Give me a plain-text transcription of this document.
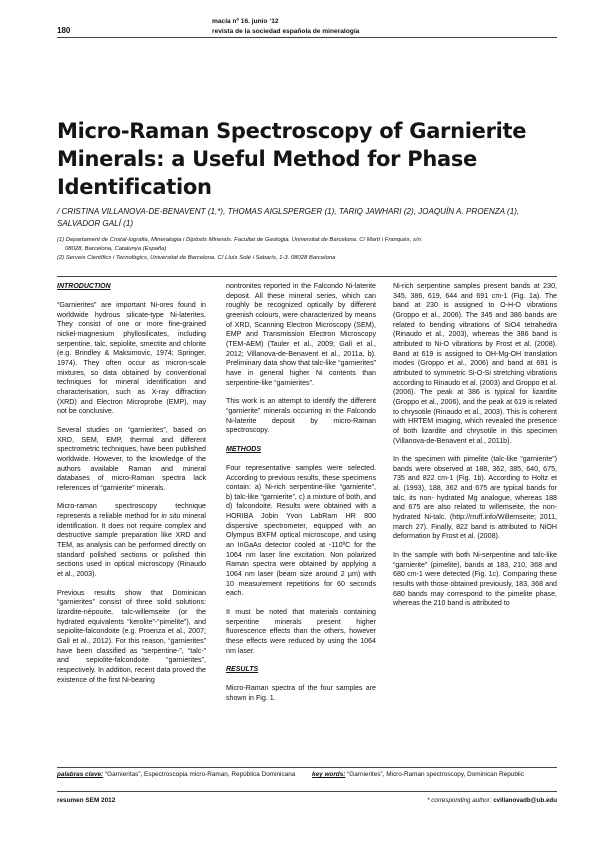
180
macla nº 16. junio ‘12
revista de la sociedad española de mineralogía
Micro-Raman Spectroscopy of Garnierite Minerals: a Useful Method for Phase Identification
/ CRISTINA VILLANOVA-DE-BENAVENT (1,*), THOMAS AIGLSPERGER (1), TARIQ JAWHARI (2), JOAQUÍN A. PROENZA (1), SALVADOR GALÍ (1)
(1) Departament de Cristal·lografia, Mineralogia i Dipòsits Minerals. Facultat de Geologia. Universitat de Barcelona. C/ Martí i Franquès, s/n.
08028, Barcelona, Catalunya (España)
(2) Serveis Científics i Tecnològics, Universitat de Barcelona. C/ Lluís Solé i Sabarís, 1-3. 08028 Barcelona
INTRODUCTION

“Garnierites” are important Ni-ores found in worldwide hydrous silicate-type Ni-laterites. They consist of one or more fine-grained nickel-magnesium phyllosilicates, including serpentine, talc, sepiolite, smectite and chlorite (e.g. Brindley & Maksimovic, 1974; Springer, 1974). They often occur as micron-scale mixtures, so data obtained by conventional techniques for mineral identification and characterisation, such as X-ray diffraction (XRD) and Electron Microprobe (EMP), may not be conclusive.

Several studies on “garnierites”, based on XRD, SEM, EMP, thermal and different spectrometric techniques, have been published worldwide. However, to the knowledge of the authors available Raman and mineral databases of micro-Raman spectra lack references of “garnierite” minerals.

Micro-raman spectroscopy technique represents a reliable method for in situ mineral identification. It does not require complex and destructive sample preparation like XRD and TEM, as analysis can be performed directly on standard polished sections or polished thin sections used in optical microscopy (Rinaudo et al., 2003).

Previous results show that Dominican “garnierites” consist of three solid solutions: lizardite-népouite, talc-willemseite (or the hydrated equivalents “kerolite”-“pimelite”), and sepiolite-falcondoite (e.g. Proenza et al., 2007; Galí et al., 2012). For this reason, “garnierites” have been classified as “serpentine-”, “talc-” and sepiolite-falcondoite “garnierites”, respectively. In addition, recent data proved the existence of the first Ni-bearing

nontronites reported in the Falcondo Ni-laterite deposit. All these mineral series, which can roughly be recognized optically by different greenish colours, were characterized by means of XRD, Scanning Electron Microscopy (SEM), EMP and Transmission Electron Microscopy (TEM-AEM) (Tauler et al., 2009; Galí et al., 2012; Villanova-de-Benavent et al., 2011a, b). Preliminary data show that talc-like “garnierites” have in general higher Ni contents than serpentine-like “garnierites”.

This work is an attempt to identify the different “garnierite” minerals occurring in the Falcondo Ni-laterite deposit by micro-Raman spectroscopy.

METHODS

Four representative samples were selected. According to previous results, these specimens contain: a) Ni-rich serpentine-like “garnierite”, b) talc-like “garnierite”, c) a mixture of both, and d) falcondoite. Results were obtained with a HORIBA Jobin Yvon LabRam HR 800 dispersive spectrometer, equipped with an Olympus BXFM optical microscope, and using an InGaAs detector cooled at -110ºC for the 1064 nm laser line excitation. Non polarized Raman spectra were obtained by applying a 1064 nm laser (beam size around 2 µm) with 10 measurement repetitions for 60 seconds each.

It must be noted that materials containing serpentine minerals present higher fluorescence effects than the others, however these effects were reduced by using the 1064 nm laser.

RESULTS

Micro-Raman spectra of the four samples are shown in Fig. 1.

Ni-rich serpentine samples present bands at 230, 345, 386, 619, 644 and 691 cm-1 (Fig. 1a). The band at 230 is assigned to O-H-O vibrations (Groppo et al., 2006). The 345 and 386 bands are related to bending vibrations of SiO4 tetrahedra (Rinaudo et al., 2003), whereas the 386 band is attributed to Ni-O vibrations by Frost et al. (2008). Band at 619 is assigned to OH-Mg-OH translation modes (Groppo et al., 2006) and band at 691 is attributed to symmetric Si-O-Si stretching vibrations according to Rinaudo et al. (2003) and Groppo et al. (2006). The peak at 386 is typical for lizardite (Groppo et al., 2006), and the peak at 619 is related to chrysotile (Rinaudo et al., 2003). This is coherent with HRTEM imaging, which revealed the presence of both lizardite and chrysotile in this specimen (Villanova-de-Benavent et al., 2011b).

In the specimen with pimelite (talc-like “garnierite”) bands were observed at 188, 362, 385, 640, 675, 735 and 822 cm-1 (Fig. 1b). According to Holtz et al. (1993), 188, 362 and 675 are typical bands for talc, its non- hydrated Mg analogue, whereas 188 and 675 are also related to willemseite, the non-hydrated Ni-talc. (http://rruff.info/Willemseite; 2011, march 27). Finally, 822 band is attributed to NiOH deformation by Frost et al. (2008).

In the sample with both Ni-serpentine and talc-like “garnierite” (pimelite), bands at 183, 210, 368 and 680 cm-1 were detected (Fig. 1c). Comparing these results with those obtained previously, 183, 368 and 680 bands may correspond to the pimelite phase, whereas the 210 band is attributed to

palabras clave: “Garnieritas”, Espectroscopia micro-Raman, República Dominicana	key words: “Garnierites”, Micro-Raman spectroscopy, Dominican Republic
resumen SEM 2012	* corresponding author: cvillanovadb@ub.edu
